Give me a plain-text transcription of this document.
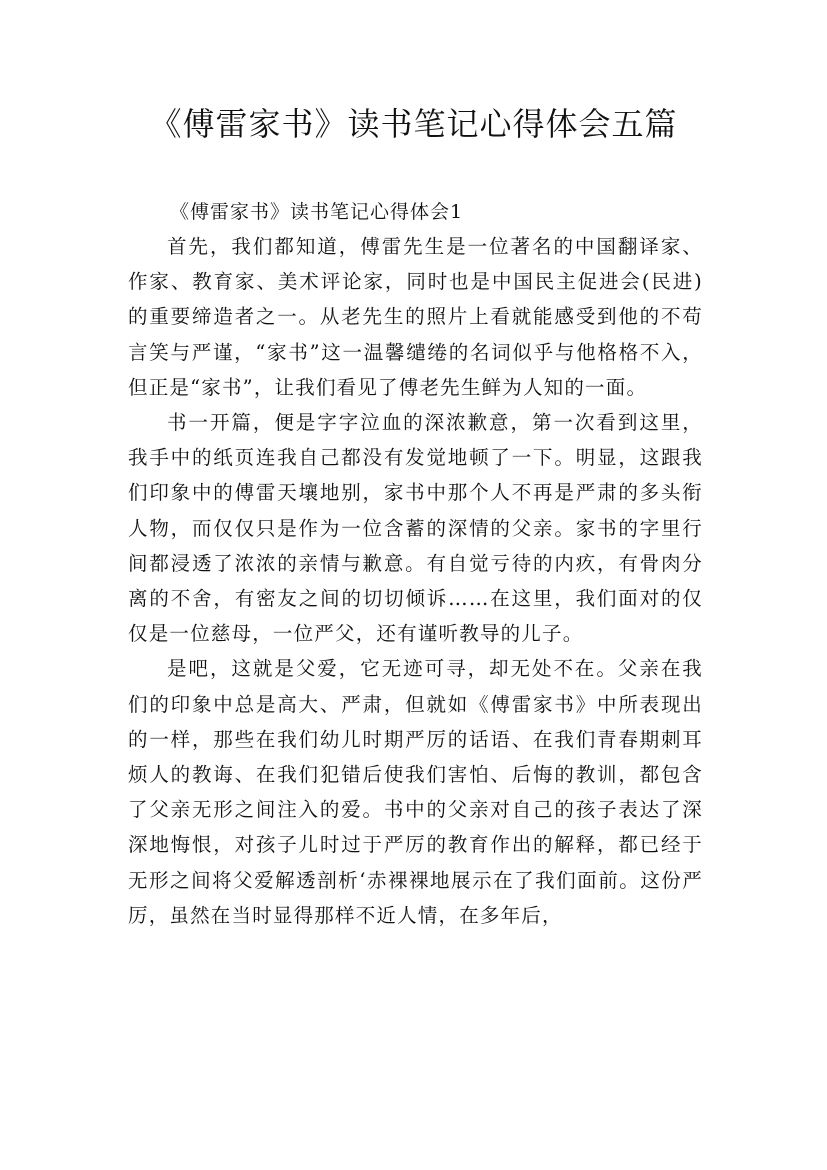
《傅雷家书》读书笔记心得体会五篇

《傅雷家书》读书笔记心得体会1

首先，我们都知道，傅雷先生是一位著名的中国翻译家、作家、教育家、美术评论家，同时也是中国民主促进会(民进)的重要缔造者之一。从老先生的照片上看就能感受到他的不苟言笑与严谨，“家书”这一温馨缱绻的名词似乎与他格格不入，但正是“家书”，让我们看见了傅老先生鲜为人知的一面。

书一开篇，便是字字泣血的深浓歉意，第一次看到这里，我手中的纸页连我自己都没有发觉地顿了一下。明显，这跟我们印象中的傅雷天壤地别，家书中那个人不再是严肃的多头衔人物，而仅仅只是作为一位含蓄的深情的父亲。家书的字里行间都浸透了浓浓的亲情与歉意。有自觉亏待的内疚，有骨肉分离的不舍，有密友之间的切切倾诉……在这里，我们面对的仅仅是一位慈母，一位严父，还有谨听教导的儿子。

是吧，这就是父爱，它无迹可寻，却无处不在。父亲在我们的印象中总是高大、严肃，但就如《傅雷家书》中所表现出的一样，那些在我们幼儿时期严厉的话语、在我们青春期刺耳烦人的教诲、在我们犯错后使我们害怕、后悔的教训，都包含了父亲无形之间注入的爱。书中的父亲对自己的孩子表达了深深地悔恨，对孩子儿时过于严厉的教育作出的解释，都已经于无形之间将父爱解透剖析‘赤裸裸地展示在了我们面前。这份严厉，虽然在当时显得那样不近人情，在多年后，
